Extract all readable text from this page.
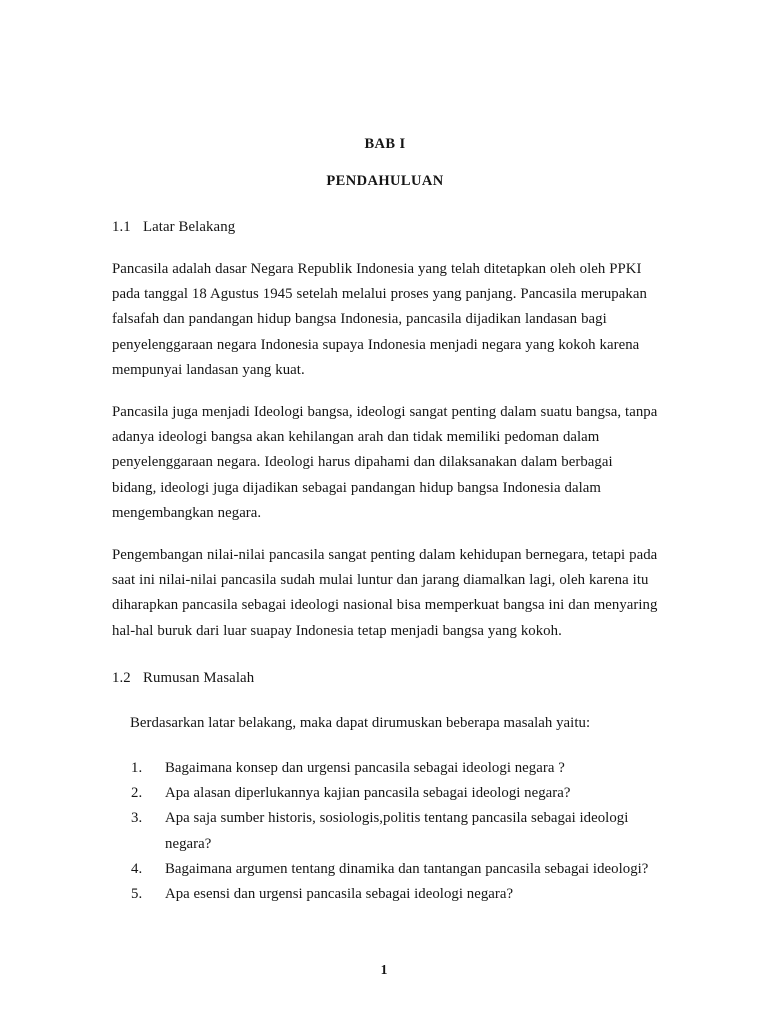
BAB I
PENDAHULUAN
1.1 Latar Belakang

Pancasila adalah dasar Negara Republik Indonesia yang telah ditetapkan oleh oleh PPKI pada tanggal 18 Agustus 1945 setelah melalui proses yang panjang. Pancasila merupakan falsafah dan pandangan hidup bangsa Indonesia, pancasila dijadikan landasan bagi penyelenggaraan negara Indonesia supaya Indonesia menjadi negara yang kokoh karena mempunyai landasan yang kuat.

Pancasila juga menjadi Ideologi bangsa, ideologi sangat penting dalam suatu bangsa, tanpa adanya ideologi bangsa akan kehilangan arah dan tidak memiliki pedoman dalam penyelenggaraan negara. Ideologi harus dipahami dan dilaksanakan dalam berbagai bidang, ideologi juga dijadikan sebagai pandangan hidup bangsa Indonesia dalam mengembangkan negara.

Pengembangan nilai-nilai pancasila sangat penting dalam kehidupan bernegara, tetapi pada saat ini nilai-nilai pancasila sudah mulai luntur dan jarang diamalkan lagi, oleh karena itu diharapkan pancasila sebagai ideologi nasional bisa memperkuat bangsa ini dan menyaring hal-hal buruk dari luar suapay Indonesia tetap menjadi bangsa yang kokoh.

1.2 Rumusan Masalah

Berdasarkan latar belakang, maka dapat dirumuskan beberapa masalah yaitu:

1.	Bagaimana konsep dan urgensi pancasila sebagai ideologi negara ?
2.	Apa alasan diperlukannya kajian pancasila sebagai ideologi negara?
3.	Apa saja sumber historis, sosiologis,politis tentang pancasila sebagai ideologi negara?
4.	Bagaimana argumen tentang dinamika dan tantangan pancasila sebagai ideologi?
5.	Apa esensi dan urgensi pancasila sebagai ideologi negara?
1
